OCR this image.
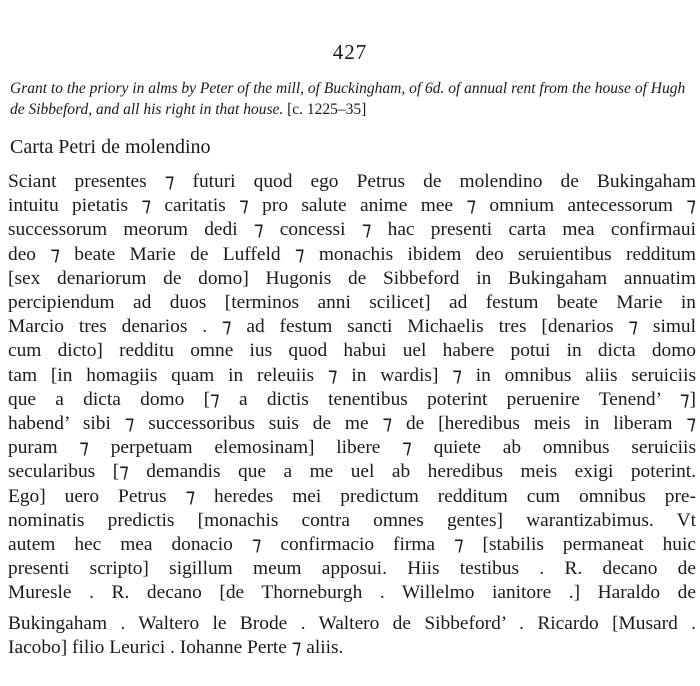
427
Grant to the priory in alms by Peter of the mill, of Buckingham, of 6d. of annual rent from the house of Hugh de Sibbeford, and all his right in that house. [c. 1225–35]
Carta Petri de molendino
Sciant presentes ⁊ futuri quod ego Petrus de molendino de Bukingaham
intuitu pietatis ⁊ caritatis ⁊ pro salute anime mee ⁊ omnium antecessorum ⁊
successorum meorum dedi ⁊ concessi ⁊ hac presenti carta mea confirmaui
deo ⁊ beate Marie de Luffeld ⁊ monachis ibidem deo seruientibus redditum
[sex denariorum de domo] Hugonis de Sibbeford in Bukingaham annuatim
percipiendum ad duos [terminos anni scilicet] ad festum beate Marie in
Marcio tres denarios . ⁊ ad festum sancti Michaelis tres [denarios ⁊ simul
cum dicto] redditu omne ius quod habui uel habere potui in dicta domo
tam [in homagiis quam in releuiis ⁊ in wardis] ⁊ in omnibus aliis seruiciis
que a dicta domo [⁊ a dictis tenentibus poterint peruenire Tenend’ ⁊]
habend’ sibi ⁊ successoribus suis de me ⁊ de [heredibus meis in liberam ⁊
puram ⁊ perpetuam elemosinam] libere ⁊ quiete ab omnibus seruiciis
secularibus [⁊ demandis que a me uel ab heredibus meis exigi poterint.
Ego] uero Petrus ⁊ heredes mei predictum redditum cum omnibus pre-
nominatis predictis [monachis contra omnes gentes] warantizabimus. Vt
autem hec mea donacio ⁊ confirmacio firma ⁊ [stabilis permaneat huic
presenti scripto] sigillum meum apposui. Hiis testibus . R. decano de
Muresle . R. decano [de Thorneburgh . Willelmo ianitore .] Haraldo de
Bukingaham . Waltero le Brode . Waltero de Sibbeford’ . Ricardo [Musard .
Iacobo] filio Leurici . Iohanne Perte ⁊ aliis.
